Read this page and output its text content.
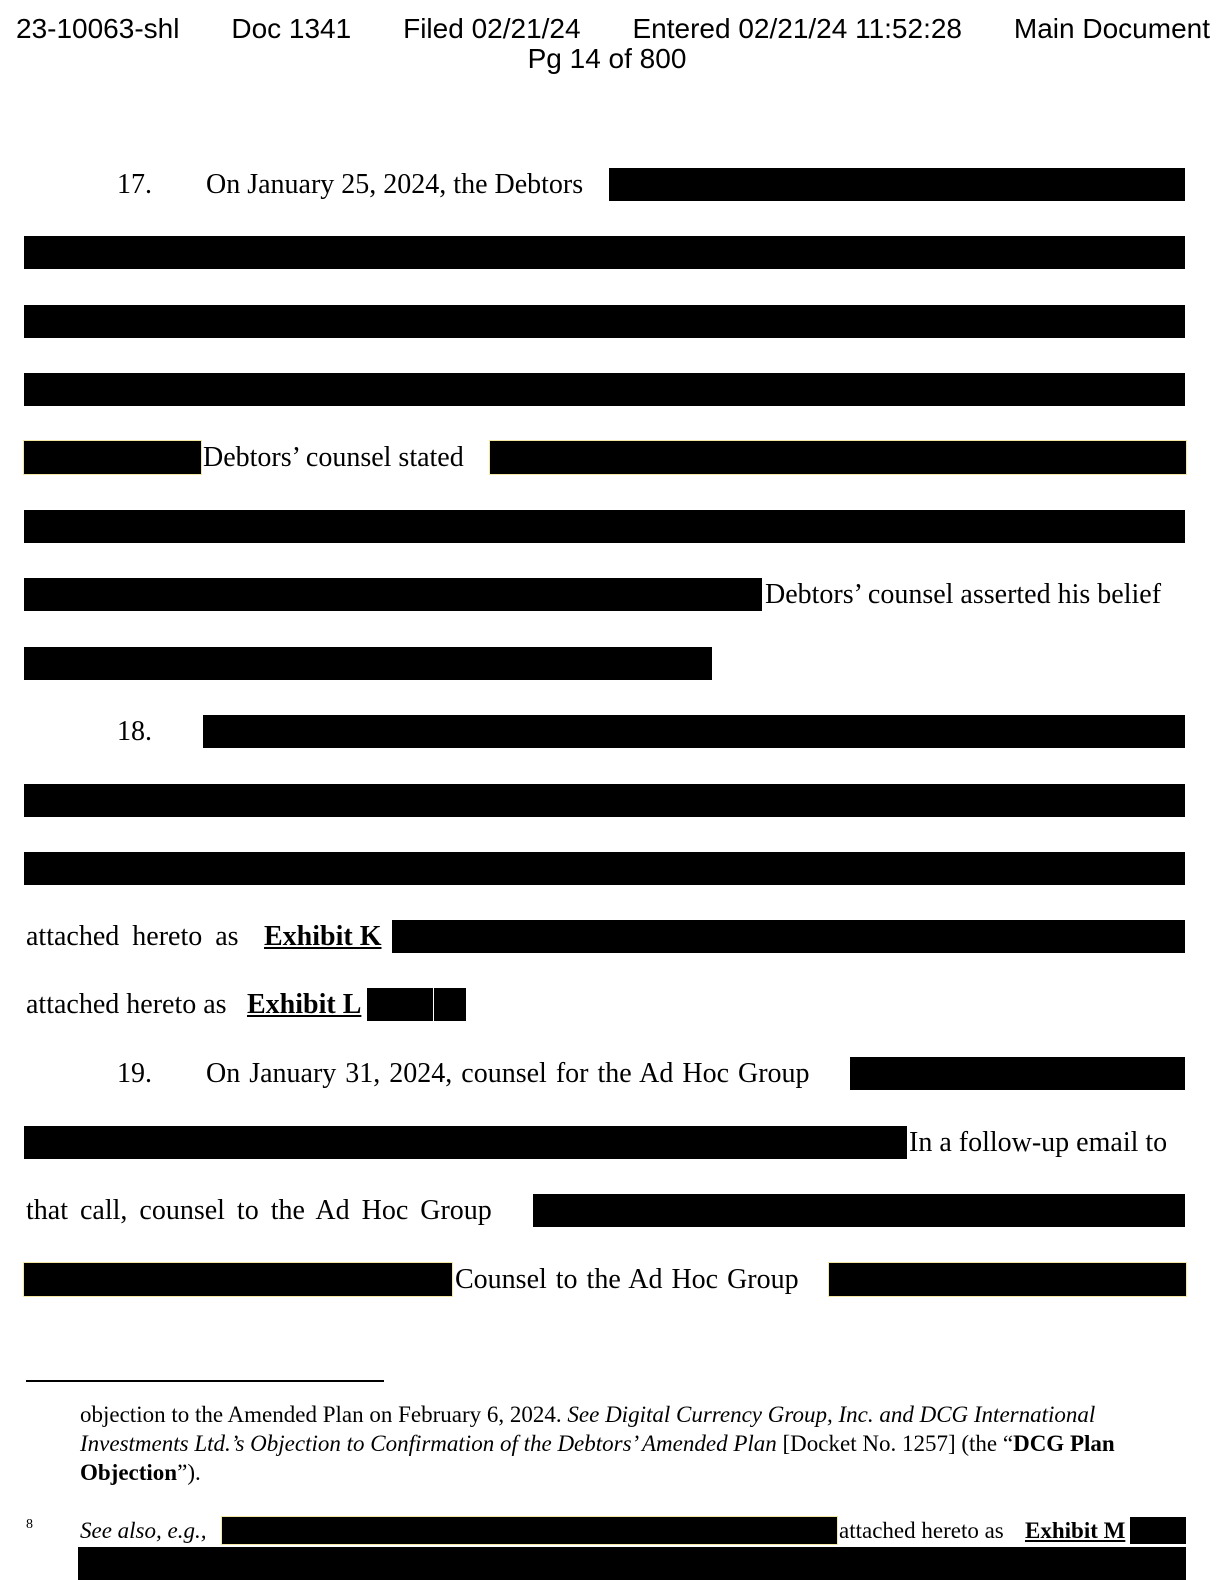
23-10063-shl Doc 1341 Filed 02/21/24 Entered 02/21/24 11:52:28 Main Document
Pg 14 of 800
17. On January 25, 2024, the Debtors
Debtors’ counsel stated
Debtors’ counsel asserted his belief
18.
attached hereto as Exhibit K
attached hereto as Exhibit L
19. On January 31, 2024, counsel for the Ad Hoc Group
In a follow-up email to
that call, counsel to the Ad Hoc Group
Counsel to the Ad Hoc Group
objection to the Amended Plan on February 6, 2024. See Digital Currency Group, Inc. and DCG International Investments Ltd.’s Objection to Confirmation of the Debtors’ Amended Plan [Docket No. 1257] (the “DCG Plan Objection”).
8 See also, e.g.,	attached hereto as Exhibit M
